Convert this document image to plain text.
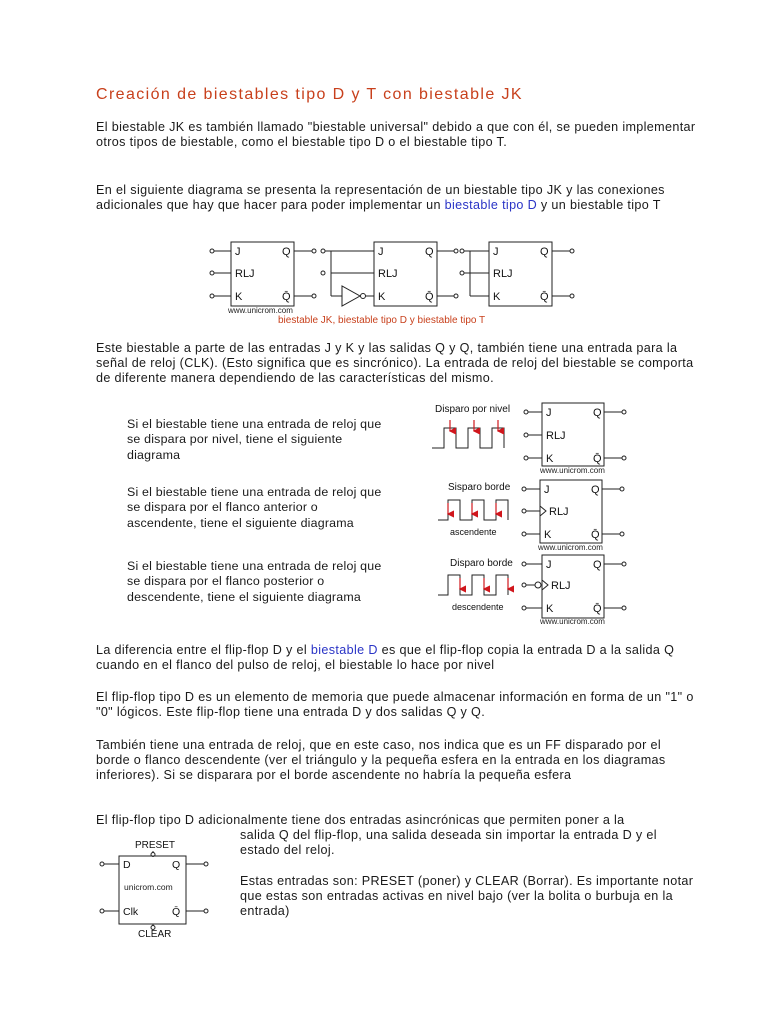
Creación de biestables tipo D y T con biestable JK
El biestable JK es también llamado "biestable universal" debido a que con él, se pueden implementar otros tipos de biestable, como el biestable tipo D o el biestable tipo T.
En el siguiente diagrama se presenta la representación de un biestable tipo JK y las conexiones adicionales que hay que hacer para poder implementar un biestable tipo D y un biestable tipo T
J
RLJ
K
Q
Q̄
J
RLJ
K
Q
Q̄
J
RLJ
K
Q
Q̄
www.unicrom.com
biestable JK, biestable tipo D y biestable tipo T
Este biestable a parte de las entradas J y K y las salidas Q y Q, también tiene una entrada para la señal de reloj (CLK). (Esto significa que es sincrónico). La entrada de reloj del biestable se comporta de diferente manera dependiendo de las características del mismo.
Si el biestable tiene una entrada de reloj que se dispara por nivel, tiene el siguiente diagrama
Si el biestable tiene una entrada de reloj que se dispara por el flanco anterior o ascendente, tiene el siguiente diagrama
Si el biestable tiene una entrada de reloj que se dispara por el flanco posterior o descendente, tiene el siguiente diagrama
Disparo por nivel	J
RLJ
K
Q
Q̄
www.unicrom.com
Sisparo borde
ascendente
J
RLJ
K
Q
Q̄
www.unicrom.com
Disparo borde
descendente
J
RLJ
K
Q
Q̄
www.unicrom.com
La diferencia entre el flip-flop D y el biestable D es que el flip-flop copia la entrada D a la salida Q cuando en el flanco del pulso de reloj, el biestable lo hace por nivel
El flip-flop tipo D es un elemento de memoria que puede almacenar información en forma de un "1" o "0" lógicos. Este flip-flop tiene una entrada D y dos salidas Q y Q.
También tiene una entrada de reloj, que en este caso, nos indica que es un FF disparado por el borde o flanco descendente (ver el triángulo y la pequeña esfera en la entrada en los diagramas inferiores). Si se disparara por el borde ascendente no habría la pequeña esfera
El flip-flop tipo D adicionalmente tiene dos entradas asincrónicas que permiten poner a la
salida Q del flip-flop, una salida deseada sin importar la entrada D y el estado del reloj.
Estas entradas son: PRESET (poner) y CLEAR (Borrar). Es importante notar que estas son entradas activas en nivel bajo (ver la bolita o burbuja en la entrada)
PRESET
D
Clk
Q
Q̄
unicrom.com
CLEAR
